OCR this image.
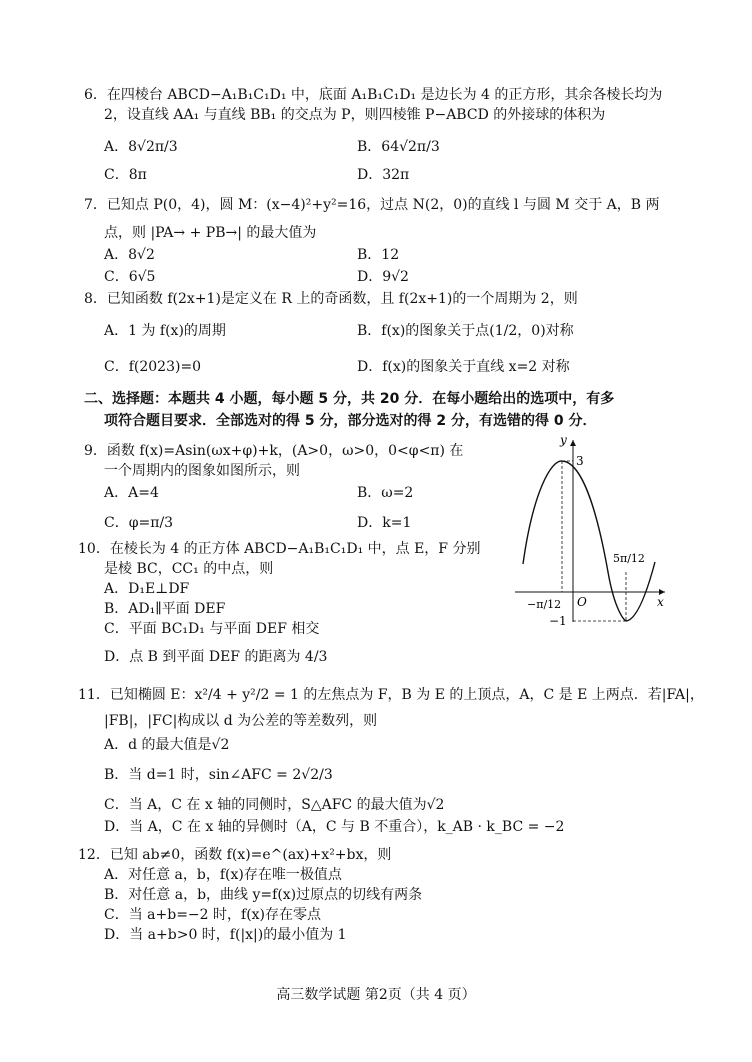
6．在四棱台 ABCD−A₁B₁C₁D₁ 中，底面 A₁B₁C₁D₁ 是边长为 4 的正方形，其余各棱长均为
2，设直线 AA₁ 与直线 BB₁ 的交点为 P，则四棱锥 P−ABCD 的外接球的体积为
A．8√2π/3	B．64√2π/3
C．8π	D．32π
7．已知点 P(0，4)，圆 M：(x−4)²+y²=16，过点 N(2，0)的直线 l 与圆 M 交于 A，B 两
点，则 |PA→ + PB→| 的最大值为
A．8√2	B．12
C．6√5	D．9√2
8．已知函数 f(2x+1)是定义在 R 上的奇函数，且 f(2x+1)的一个周期为 2，则
A．1 为 f(x)的周期	B．f(x)的图象关于点(1/2，0)对称
C．f(2023)=0	D．f(x)的图象关于直线 x=2 对称
二、选择题：本题共 4 小题，每小题 5 分，共 20 分．在每小题给出的选项中，有多
项符合题目要求．全部选对的得 5 分，部分选对的得 2 分，有选错的得 0 分．
9．函数 f(x)=Asin(ωx+φ)+k，(A>0，ω>0，0<φ<π) 在
一个周期内的图象如图所示，则
A．A=4	B．ω=2
C．φ=π/3	D．k=1
10．在棱长为 4 的正方体 ABCD−A₁B₁C₁D₁ 中，点 E，F 分别
是棱 BC，CC₁ 的中点，则
A．D₁E⊥DF
B．AD₁∥平面 DEF
C．平面 BC₁D₁ 与平面 DEF 相交
D．点 B 到平面 DEF 的距离为 4/3
11．已知椭圆 E：x²/4 + y²/2 = 1 的左焦点为 F，B 为 E 的上顶点，A，C 是 E 上两点．若|FA|，
|FB|，|FC|构成以 d 为公差的等差数列，则
A．d 的最大值是√2
B．当 d=1 时，sin∠AFC = 2√2/3
C．当 A，C 在 x 轴的同侧时，S△AFC 的最大值为√2
D．当 A，C 在 x 轴的异侧时（A，C 与 B 不重合），k_AB · k_BC = −2
12．已知 ab≠0，函数 f(x)=e^(ax)+x²+bx，则
A．对任意 a，b，f(x)存在唯一极值点
B．对任意 a，b，曲线 y=f(x)过原点的切线有两条
C．当 a+b=−2 时，f(x)存在零点
D．当 a+b>0 时，f(|x|)的最小值为 1
y
x
O
3
−1
−π/12
5π/12
高三数学试题 第2页（共 4 页）
